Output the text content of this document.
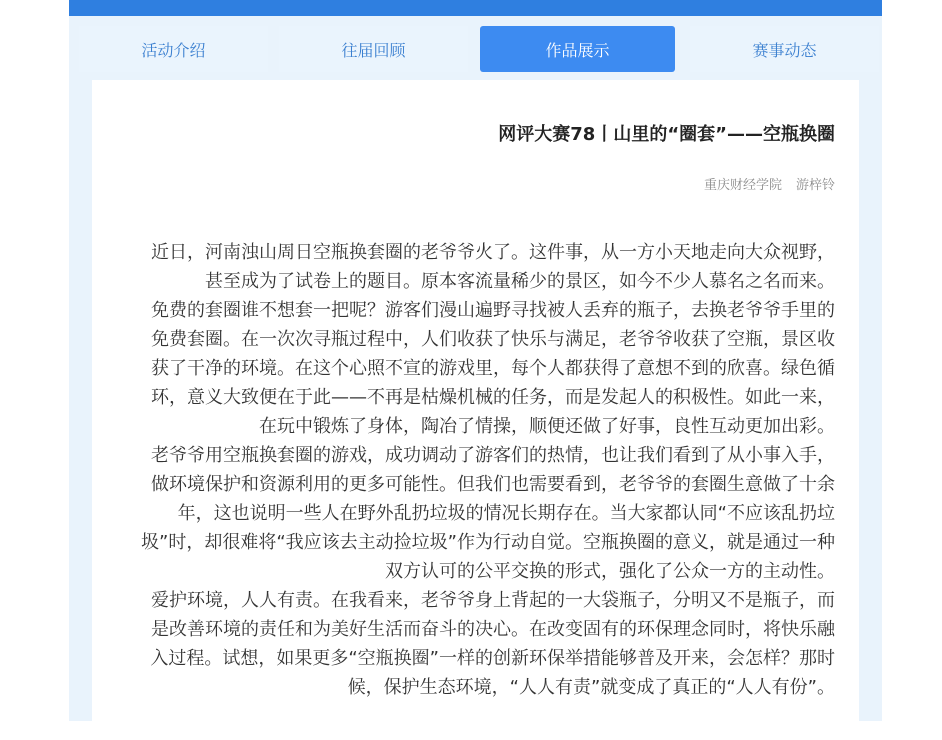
赛事动态
作品展示
往届回顾
活动介绍
网评大赛78丨山里的“圈套”——空瓶换圈
重庆财经学院 游梓铃
近日，河南浊山周日空瓶换套圈的老爷爷火了。这件事，从一方小天地走向大众视野，
甚至成为了试卷上的题目。原本客流量稀少的景区，如今不少人慕名之名而来。
免费的套圈谁不想套一把呢？游客们漫山遍野寻找被人丢弃的瓶子，去换老爷爷手里的
免费套圈。在一次次寻瓶过程中，人们收获了快乐与满足，老爷爷收获了空瓶，景区收
获了干净的环境。在这个心照不宣的游戏里，每个人都获得了意想不到的欣喜。绿色循
环，意义大致便在于此——不再是枯燥机械的任务，而是发起人的积极性。如此一来，
在玩中锻炼了身体，陶冶了情操，顺便还做了好事，良性互动更加出彩。
老爷爷用空瓶换套圈的游戏，成功调动了游客们的热情，也让我们看到了从小事入手，
做环境保护和资源利用的更多可能性。但我们也需要看到，老爷爷的套圈生意做了十余
年，这也说明一些人在野外乱扔垃圾的情况长期存在。当大家都认同“不应该乱扔垃
圾”时，却很难将“我应该去主动捡垃圾”作为行动自觉。空瓶换圈的意义，就是通过一种
双方认可的公平交换的形式，强化了公众一方的主动性。
爱护环境，人人有责。在我看来，老爷爷身上背起的一大袋瓶子，分明又不是瓶子，而
是改善环境的责任和为美好生活而奋斗的决心。在改变固有的环保理念同时，将快乐融
入过程。试想，如果更多“空瓶换圈”一样的创新环保举措能够普及开来，会怎样？那时
候，保护生态环境，“人人有责”就变成了真正的“人人有份”。
